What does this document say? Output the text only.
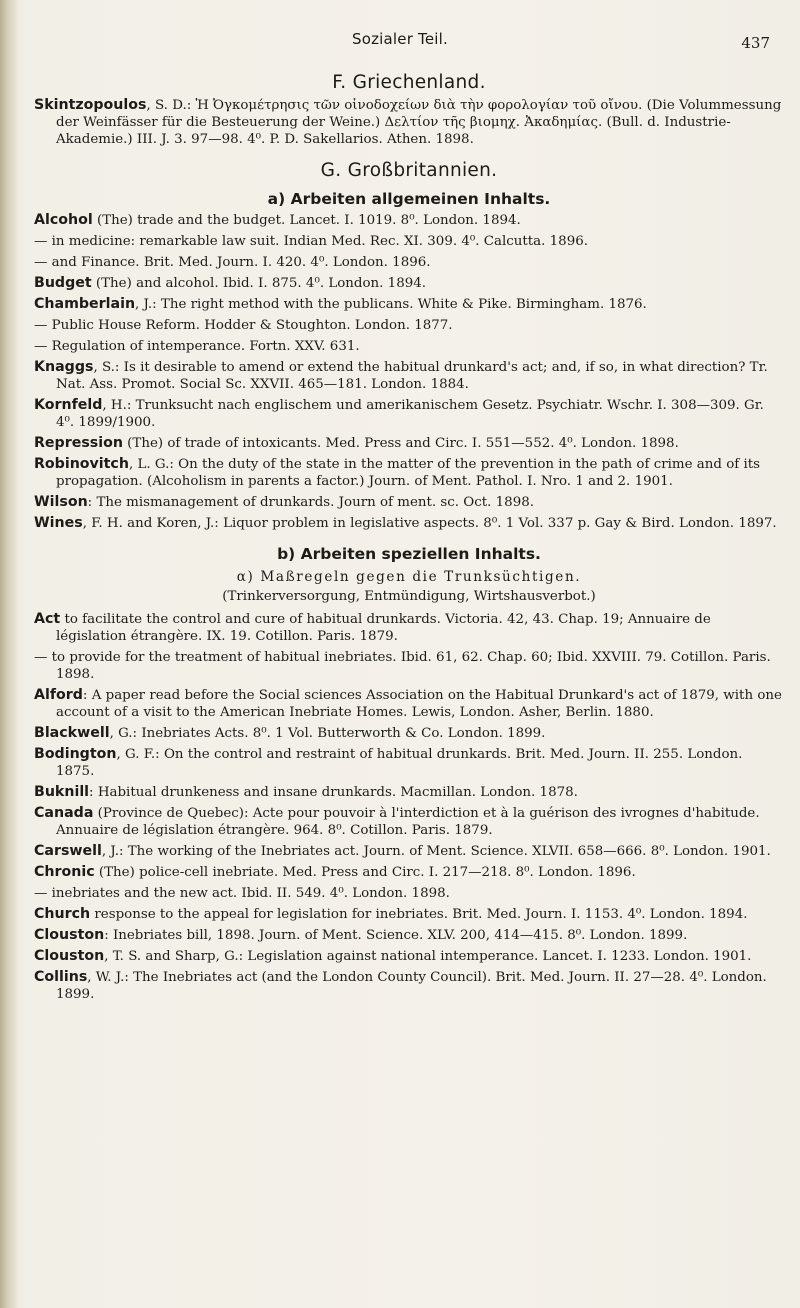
Sozialer Teil.	437
F. Griechenland.

Skintzopoulos, S. D.: Ἡ Ὀγκομέτρησις τῶν οἰνοδοχείων διὰ τὴν φορολογίαν τοῦ οἴνου. (Die Volummessung der Weinfässer für die Besteuerung der Weine.) Δελτίον τῆς βιομηχ. Ἀκαδημίας. (Bull. d. Industrie-Akademie.) III. J. 3. 97—98. 4⁰. P. D. Sakellarios. Athen. 1898.

G. Großbritannien.
a) Arbeiten allgemeinen Inhalts.

Alcohol (The) trade and the budget. Lancet. I. 1019. 8⁰. London. 1894.

— in medicine: remarkable law suit. Indian Med. Rec. XI. 309. 4⁰. Calcutta. 1896.

— and Finance. Brit. Med. Journ. I. 420. 4⁰. London. 1896.

Budget (The) and alcohol. Ibid. I. 875. 4⁰. London. 1894.

Chamberlain, J.: The right method with the publicans. White & Pike. Birmingham. 1876.

— Public House Reform. Hodder & Stoughton. London. 1877.

— Regulation of intemperance. Fortn. XXV. 631.

Knaggs, S.: Is it desirable to amend or extend the habitual drunkard's act; and, if so, in what direction? Tr. Nat. Ass. Promot. Social Sc. XXVII. 465—181. London. 1884.

Kornfeld, H.: Trunksucht nach englischem und amerikanischem Gesetz. Psychiatr. Wschr. I. 308—309. Gr. 4⁰. 1899/1900.

Repression (The) of trade of intoxicants. Med. Press and Circ. I. 551—552. 4⁰. London. 1898.

Robinovitch, L. G.: On the duty of the state in the matter of the prevention in the path of crime and of its propagation. (Alcoholism in parents a factor.) Journ. of Ment. Pathol. I. Nro. 1 and 2. 1901.

Wilson: The mismanagement of drunkards. Journ of ment. sc. Oct. 1898.

Wines, F. H. and Koren, J.: Liquor problem in legislative aspects. 8⁰. 1 Vol. 337 p. Gay & Bird. London. 1897.

b) Arbeiten speziellen Inhalts.
α) Maßregeln gegen die Trunksüchtigen.
(Trinkerversorgung, Entmündigung, Wirtshausverbot.)

Act to facilitate the control and cure of habitual drunkards. Victoria. 42, 43. Chap. 19; Annuaire de législation étrangère. IX. 19. Cotillon. Paris. 1879.

— to provide for the treatment of habitual inebriates. Ibid. 61, 62. Chap. 60; Ibid. XXVIII. 79. Cotillon. Paris. 1898.

Alford: A paper read before the Social sciences Association on the Habitual Drunkard's act of 1879, with one account of a visit to the American Inebriate Homes. Lewis, London. Asher, Berlin. 1880.

Blackwell, G.: Inebriates Acts. 8⁰. 1 Vol. Butterworth & Co. London. 1899.

Bodington, G. F.: On the control and restraint of habitual drunkards. Brit. Med. Journ. II. 255. London. 1875.

Buknill: Habitual drunkeness and insane drunkards. Macmillan. London. 1878.

Canada (Province de Quebec): Acte pour pouvoir à l'interdiction et à la guérison des ivrognes d'habitude. Annuaire de législation étrangère. 964. 8⁰. Cotillon. Paris. 1879.

Carswell, J.: The working of the Inebriates act. Journ. of Ment. Science. XLVII. 658—666. 8⁰. London. 1901.

Chronic (The) police-cell inebriate. Med. Press and Circ. I. 217—218. 8⁰. London. 1896.

— inebriates and the new act. Ibid. II. 549. 4⁰. London. 1898.

Church response to the appeal for legislation for inebriates. Brit. Med. Journ. I. 1153. 4⁰. London. 1894.

Clouston: Inebriates bill, 1898. Journ. of Ment. Science. XLV. 200, 414—415. 8⁰. London. 1899.

Clouston, T. S. and Sharp, G.: Legislation against national intemperance. Lancet. I. 1233. London. 1901.

Collins, W. J.: The Inebriates act (and the London County Council). Brit. Med. Journ. II. 27—28. 4⁰. London. 1899.
